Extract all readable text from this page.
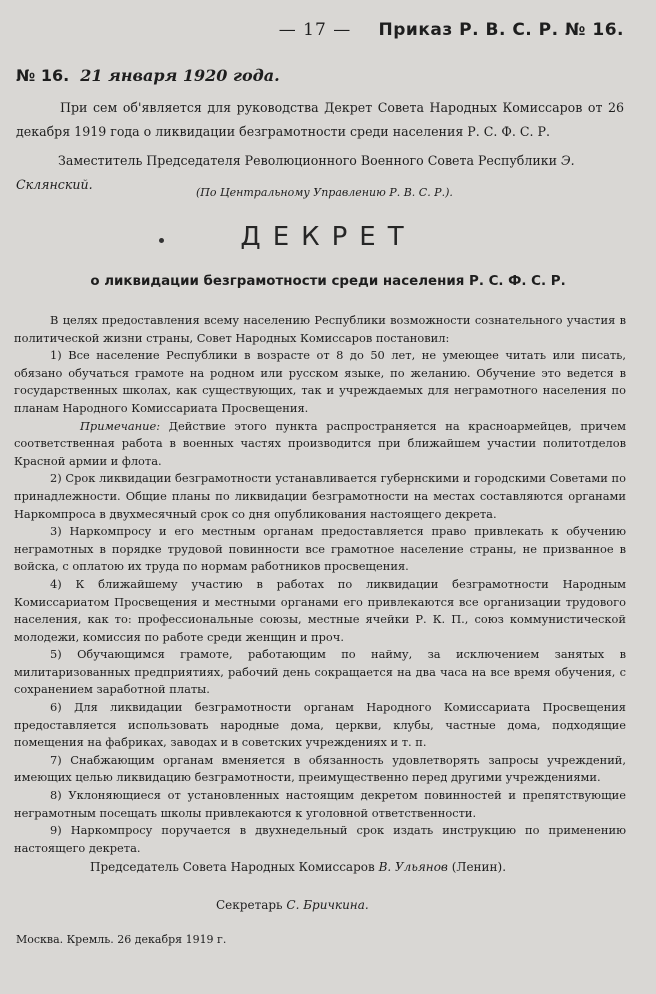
— 17 —	Приказ Р. В. С. Р. № 16.
№ 16. 21 января 1920 года.
При сем об'является для руководства Декрет Совета Народных Комиссаров от 26 декабря 1919 года о ликвидации безграмотности среди населения Р. С. Ф. С. Р.
Заместитель Председателя Революционного Военного Совета Республики Э. Склянский.
(По Центральному Управлению Р. В. С. Р.).
ДЕКРЕТ
о ликвидации безграмотности среди населения Р. С. Ф. С. Р.

В целях предоставления всему населению Республики возможности сознательного участия в политической жизни страны, Совет Народных Комиссаров постановил:

1) Все население Республики в возрасте от 8 до 50 лет, не умеющее читать или писать, обязано обучаться грамоте на родном или русском языке, по желанию. Обучение это ведется в государственных школах, как существующих, так и учреждаемых для неграмотного населения по планам Народного Комиссариата Просвещения.

Примечание: Действие этого пункта распространяется на красноармейцев, причем соответственная работа в военных частях производится при ближайшем участии политотделов Красной армии и флота.

2) Срок ликвидации безграмотности устанавливается губернскими и городскими Советами по принадлежности. Общие планы по ликвидации безграмотности на местах составляются органами Наркомпроса в двухмесячный срок со дня опубликования настоящего декрета.

3) Наркомпросу и его местным органам предоставляется право привлекать к обучению неграмотных в порядке трудовой повинности все грамотное население страны, не призванное в войска, с оплатою их труда по нормам работников просвещения.

4) К ближайшему участию в работах по ликвидации безграмотности Народным Комиссариатом Просвещения и местными органами его привлекаются все организации трудового населения, как то: профессиональные союзы, местные ячейки Р. К. П., союз коммунистической молодежи, комиссия по работе среди женщин и проч.

5) Обучающимся грамоте, работающим по найму, за исключением занятых в милитаризованных предприятиях, рабочий день сокращается на два часа на все время обучения, с сохранением заработной платы.

6) Для ликвидации безграмотности органам Народного Комиссариата Просвещения предоставляется использовать народные дома, церкви, клубы, частные дома, подходящие помещения на фабриках, заводах и в советских учреждениях и т. п.

7) Снабжающим органам вменяется в обязанность удовлетворять запросы учреждений, имеющих целью ликвидацию безграмотности, преимущественно перед другими учреждениями.

8) Уклоняющиеся от установленных настоящим декретом повинностей и препятствующие неграмотным посещать школы привлекаются к уголовной ответственности.

9) Наркомпросу поручается в двухнедельный срок издать инструкцию по применению настоящего декрета.

Председатель Совета Народных Комиссаров В. Ульянов (Ленин).
Секретарь С. Бричкина.
Москва. Кремль. 26 декабря 1919 г.
